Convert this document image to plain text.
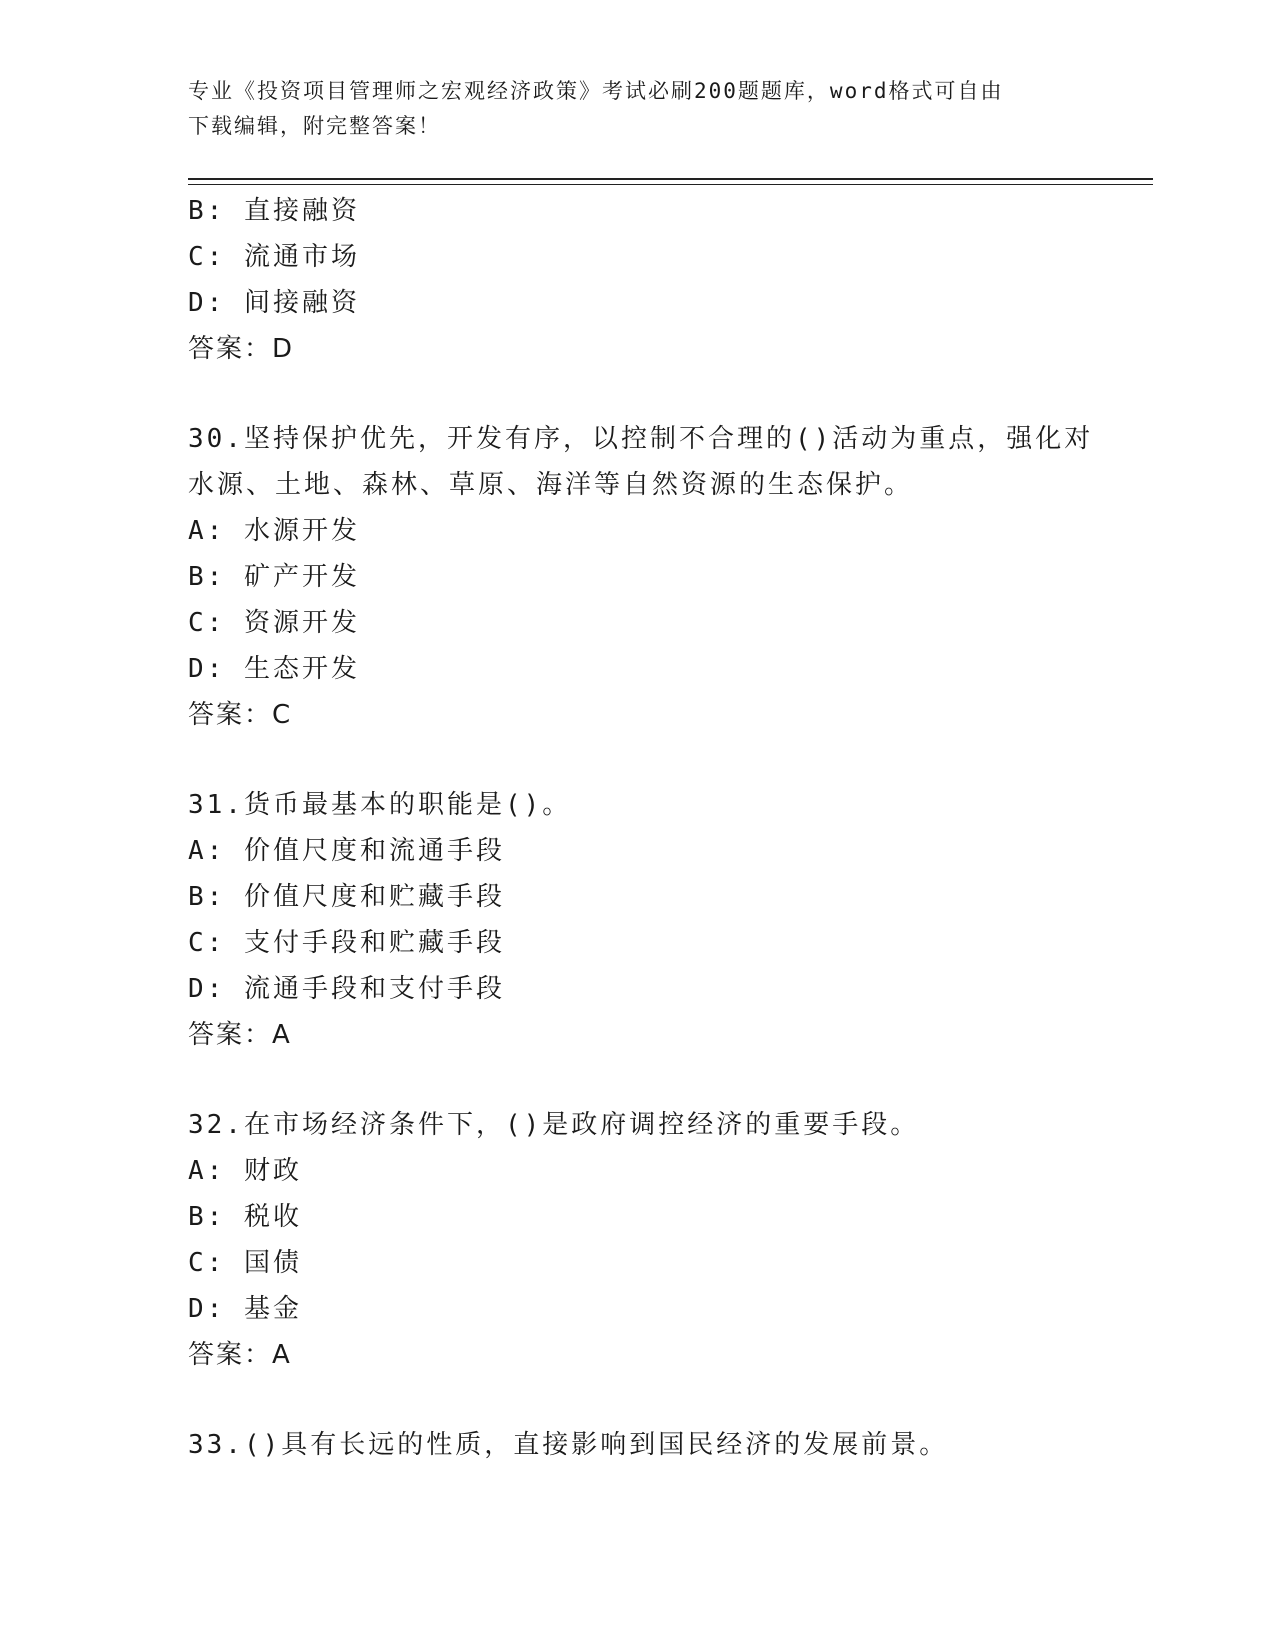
专业《投资项目管理师之宏观经济政策》考试必刷200题题库，word格式可自由
下载编辑，附完整答案！
B: 直接融资
C: 流通市场
D: 间接融资
答案：D
30.坚持保护优先，开发有序，以控制不合理的()活动为重点，强化对
水源、土地、森林、草原、海洋等自然资源的生态保护。
A: 水源开发
B: 矿产开发
C: 资源开发
D: 生态开发
答案：C
31.货币最基本的职能是()。
A: 价值尺度和流通手段
B: 价值尺度和贮藏手段
C: 支付手段和贮藏手段
D: 流通手段和支付手段
答案：A
32.在市场经济条件下，()是政府调控经济的重要手段。
A: 财政
B: 税收
C: 国债
D: 基金
答案：A
33.()具有长远的性质，直接影响到国民经济的发展前景。
